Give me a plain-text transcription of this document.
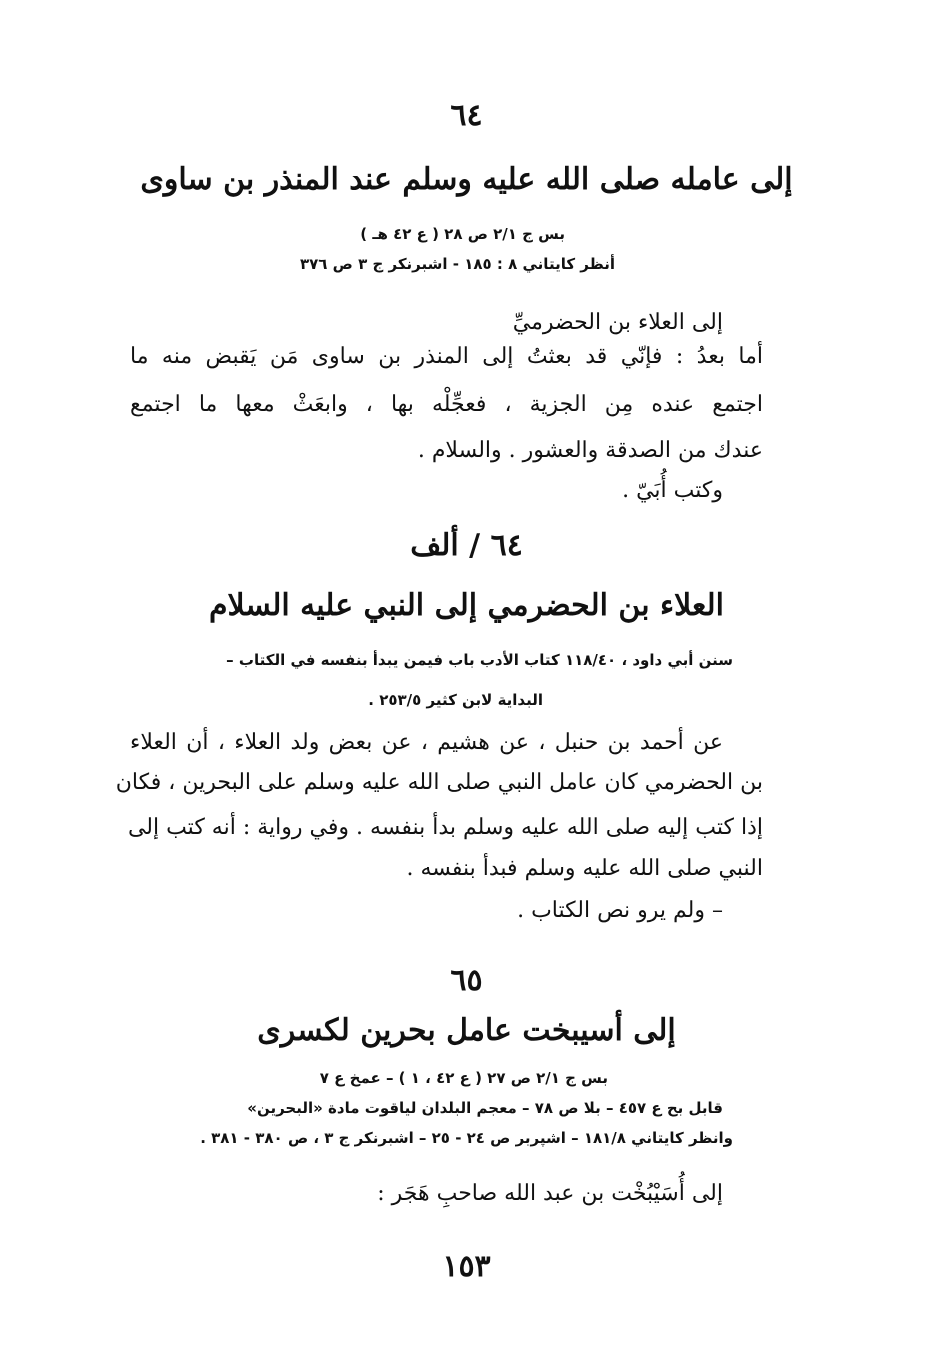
٦٤
إلى عامله صلى الله عليه وسلم عند المنذر بن ساوى
بس ج ٢/١ ص ٢٨ ( ع ٤٢ هـ )
أنظر كايتاني ٨ : ١٨٥ - اشبرنكر ج ٣ ص ٣٧٦
إلى العلاء بن الحضرميِّ
أما بعدُ : فإنّي قد بعثتُ إلى المنذر بن ساوى مَن يَقبض منه ما
اجتمع عنده مِن الجزية ، فعجِّلْه بها ، وابعَثْ معها ما اجتمع
عندك من الصدقة والعشور . والسلام .
وكتب أُبَيّ .
٦٤ / ألف
العلاء بن الحضرمي إلى النبي عليه السلام
سنن أبي داود ، ١١٨/٤٠ كتاب الأدب باب فيمن يبدأ بنفسه في الكتاب –
البداية لابن كثير ٢٥٣/٥ .
عن أحمد بن حنبل ، عن هشيم ، عن بعض ولد العلاء ، أن العلاء
بن الحضرمي كان عامل النبي صلى الله عليه وسلم على البحرين ، فكان
إذا كتب إليه صلى الله عليه وسلم بدأ بنفسه . وفي رواية : أنه كتب إلى
النبي صلى الله عليه وسلم فبدأ بنفسه .
– ولم يرو نص الكتاب .
٦٥
إلى أسيبخت عامل بحرين لكسرى
بس ج ٢/١ ص ٢٧ ( ع ٤٢ ، ١ ) – عمخ ع ٧
قابل بح ع ٤٥٧ – بلا ص ٧٨ – معجم البلدان لياقوت مادة «البحرين»
وانظر كايتاني ١٨١/٨ – اشپربر ص ٢٤ - ٢٥ – اشبرنكر ج ٣ ، ص ٣٨٠ - ٣٨١ .
إلى أُسَيْبُخْت بن عبد الله صاحبِ هَجَر :
١٥٣
